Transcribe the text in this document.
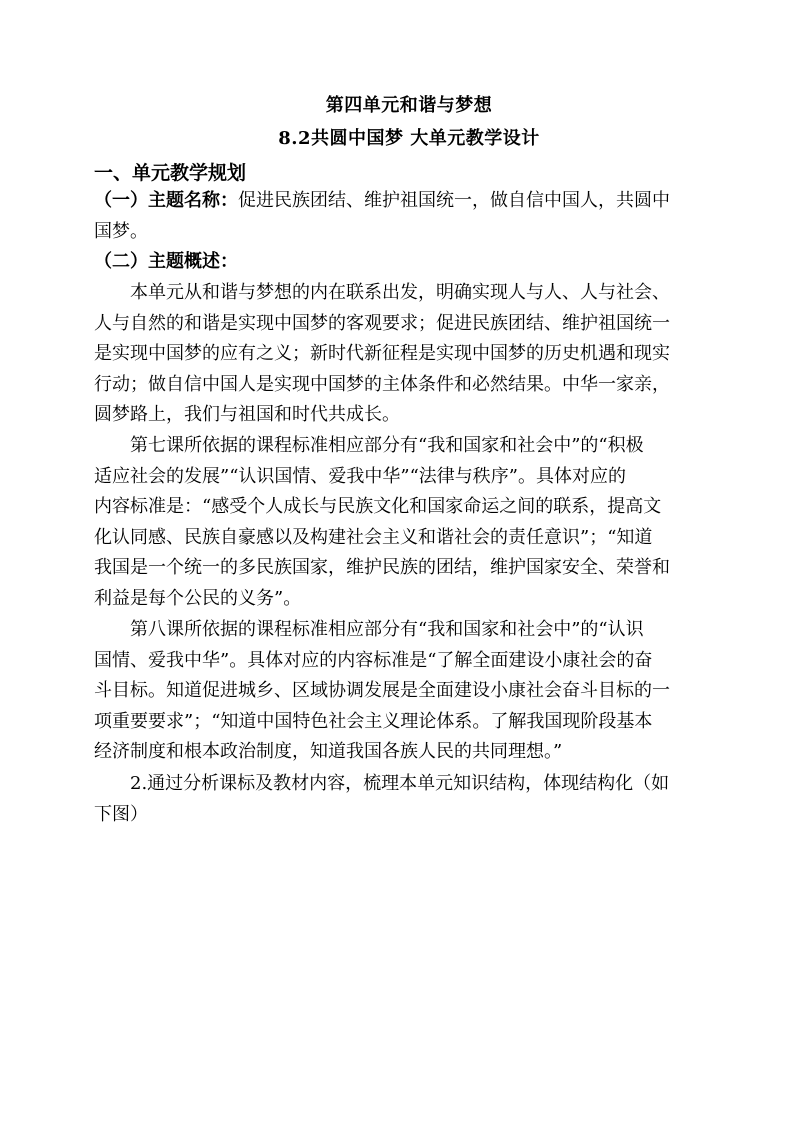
第四单元和谐与梦想
8.2共圆中国梦 大单元教学设计
一、单元教学规划
（一）主题名称：促进民族团结、维护祖国统一，做自信中国人，共圆中
国梦。
（二）主题概述：
本单元从和谐与梦想的内在联系出发，明确实现人与人、人与社会、
人与自然的和谐是实现中国梦的客观要求；促进民族团结、维护祖国统一
是实现中国梦的应有之义；新时代新征程是实现中国梦的历史机遇和现实
行动；做自信中国人是实现中国梦的主体条件和必然结果。中华一家亲，
圆梦路上，我们与祖国和时代共成长。
第七课所依据的课程标准相应部分有“我和国家和社会中”的“积极
适应社会的发展”“认识国情、爱我中华”“法律与秩序”。具体对应的
内容标准是：“感受个人成长与民族文化和国家命运之间的联系，提高文
化认同感、民族自豪感以及构建社会主义和谐社会的责任意识”；“知道
我国是一个统一的多民族国家，维护民族的团结，维护国家安全、荣誉和
利益是每个公民的义务”。
第八课所依据的课程标准相应部分有“我和国家和社会中”的“认识
国情、爱我中华”。具体对应的内容标准是“了解全面建设小康社会的奋
斗目标。知道促进城乡、区域协调发展是全面建设小康社会奋斗目标的一
项重要要求”；“知道中国特色社会主义理论体系。了解我国现阶段基本
经济制度和根本政治制度，知道我国各族人民的共同理想。”
2.通过分析课标及教材内容，梳理本单元知识结构，体现结构化（如
下图）
